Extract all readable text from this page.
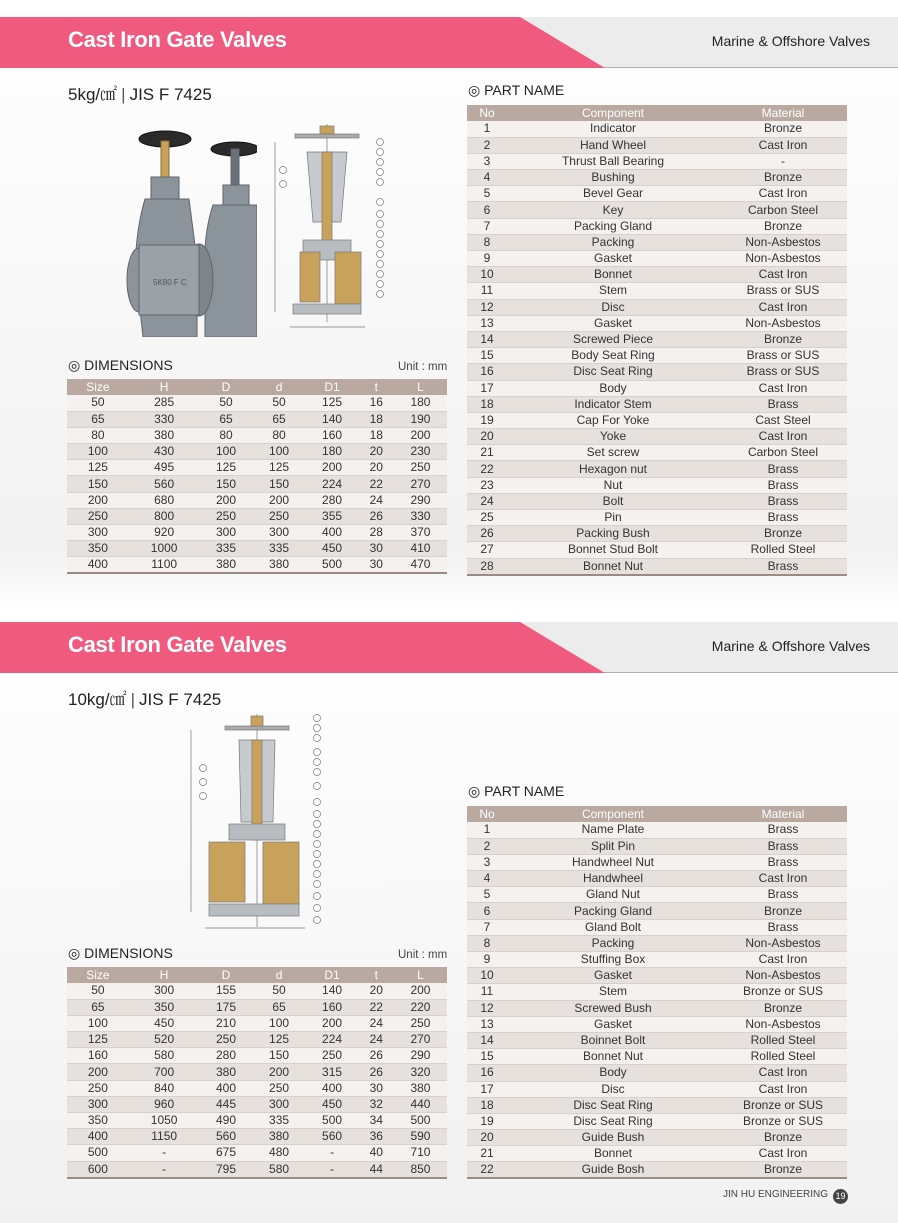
Cast Iron Gate Valves	Marine & Offshore Valves
5kg/㎠ | JIS F 7425
5K80 F C
◎ DIMENSIONS	Unit : mm
Size	H	D	d	D1	t	L
50	285	50	50	125	16	180
65	330	65	65	140	18	190
80	380	80	80	160	18	200
100	430	100	100	180	20	230
125	495	125	125	200	20	250
150	560	150	150	224	22	270
200	680	200	200	280	24	290
250	800	250	250	355	26	330
300	920	300	300	400	28	370
350	1000	335	335	450	30	410
400	1100	380	380	500	30	470
◎ PART NAME
No	Component	Material
1	Indicator	Bronze
2	Hand Wheel	Cast Iron
3	Thrust Ball Bearing	-
4	Bushing	Bronze
5	Bevel Gear	Cast Iron
6	Key	Carbon Steel
7	Packing Gland	Bronze
8	Packing	Non-Asbestos
9	Gasket	Non-Asbestos
10	Bonnet	Cast Iron
11	Stem	Brass or SUS
12	Disc	Cast Iron
13	Gasket	Non-Asbestos
14	Screwed Piece	Bronze
15	Body Seat Ring	Brass or SUS
16	Disc Seat Ring	Brass or SUS
17	Body	Cast Iron
18	Indicator Stem	Brass
19	Cap For Yoke	Cast Steel
20	Yoke	Cast Iron
21	Set screw	Carbon Steel
22	Hexagon nut	Brass
23	Nut	Brass
24	Bolt	Brass
25	Pin	Brass
26	Packing Bush	Bronze
27	Bonnet Stud Bolt	Rolled Steel
28	Bonnet Nut	Brass
Cast Iron Gate Valves	Marine & Offshore Valves
10kg/㎠ | JIS F 7425
◎ DIMENSIONS	Unit : mm
Size	H	D	d	D1	t	L
50	300	155	50	140	20	200
65	350	175	65	160	22	220
100	450	210	100	200	24	250
125	520	250	125	224	24	270
160	580	280	150	250	26	290
200	700	380	200	315	26	320
250	840	400	250	400	30	380
300	960	445	300	450	32	440
350	1050	490	335	500	34	500
400	1150	560	380	560	36	590
500	-	675	480	-	40	710
600	-	795	580	-	44	850
◎ PART NAME
No	Component	Material
1	Name Plate	Brass
2	Split Pin	Brass
3	Handwheel Nut	Brass
4	Handwheel	Cast Iron
5	Gland Nut	Brass
6	Packing Gland	Bronze
7	Gland Bolt	Brass
8	Packing	Non-Asbestos
9	Stuffing Box	Cast Iron
10	Gasket	Non-Asbestos
11	Stem	Bronze or SUS
12	Screwed Bush	Bronze
13	Gasket	Non-Asbestos
14	Boinnet Bolt	Rolled Steel
15	Bonnet Nut	Rolled Steel
16	Body	Cast Iron
17	Disc	Cast Iron
18	Disc Seat Ring	Bronze or SUS
19	Disc Seat Ring	Bronze or SUS
20	Guide Bush	Bronze
21	Bonnet	Cast Iron
22	Guide Bosh	Bronze
JIN HU ENGINEERING 19
